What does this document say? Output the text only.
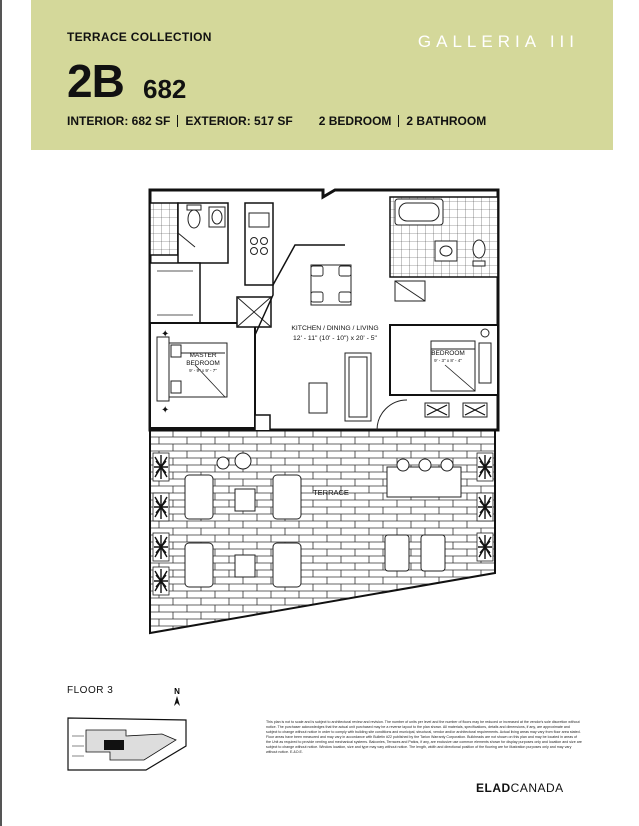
TERRACE COLLECTION	GALLERIA III
2B 682
INTERIOR: 682 SF EXTERIOR: 517 SF 2 BEDROOM 2 BATHROOM
✦
✦
MASTER
BEDROOM
9' - 9" x 9' - 7"
KITCHEN / DINING / LIVING
12' - 11" (10' - 10") x 20' - 5"
BEDROOM
9' - 3" x 8' - 4"
TERRACE
FLOOR 3	N
This plan is not to scale and is subject to architectural review and revision. The number of units per level and the number of floors may be reduced or increased at the vendor's sole discretion without notice. The purchaser acknowledges that the actual unit purchased may be a reverse layout to the plan shown. All materials, specifications, details and dimensions, if any, are approximate and subject to change without notice in order to comply with building site conditions and municipal, structural, vendor and/or architectural requirements. Actual living areas may vary from floor area stated. Floor areas have been measured and may vary in accordance with Bulletin #22 published by the Tarion Warranty Corporation. Bulkheads are not shown on this plan and may be located in areas of the Unit as required to provide venting and mechanical systems. Balconies, Terraces and Patios, if any, are exclusive use common elements shown for display purposes only and location and size are subject to change without notice. Window location, size and type may vary without notice. The length, width and directional position of the flooring are for illustration purposes only and may vary without notice. E.&O.E.
ELADCANADA
